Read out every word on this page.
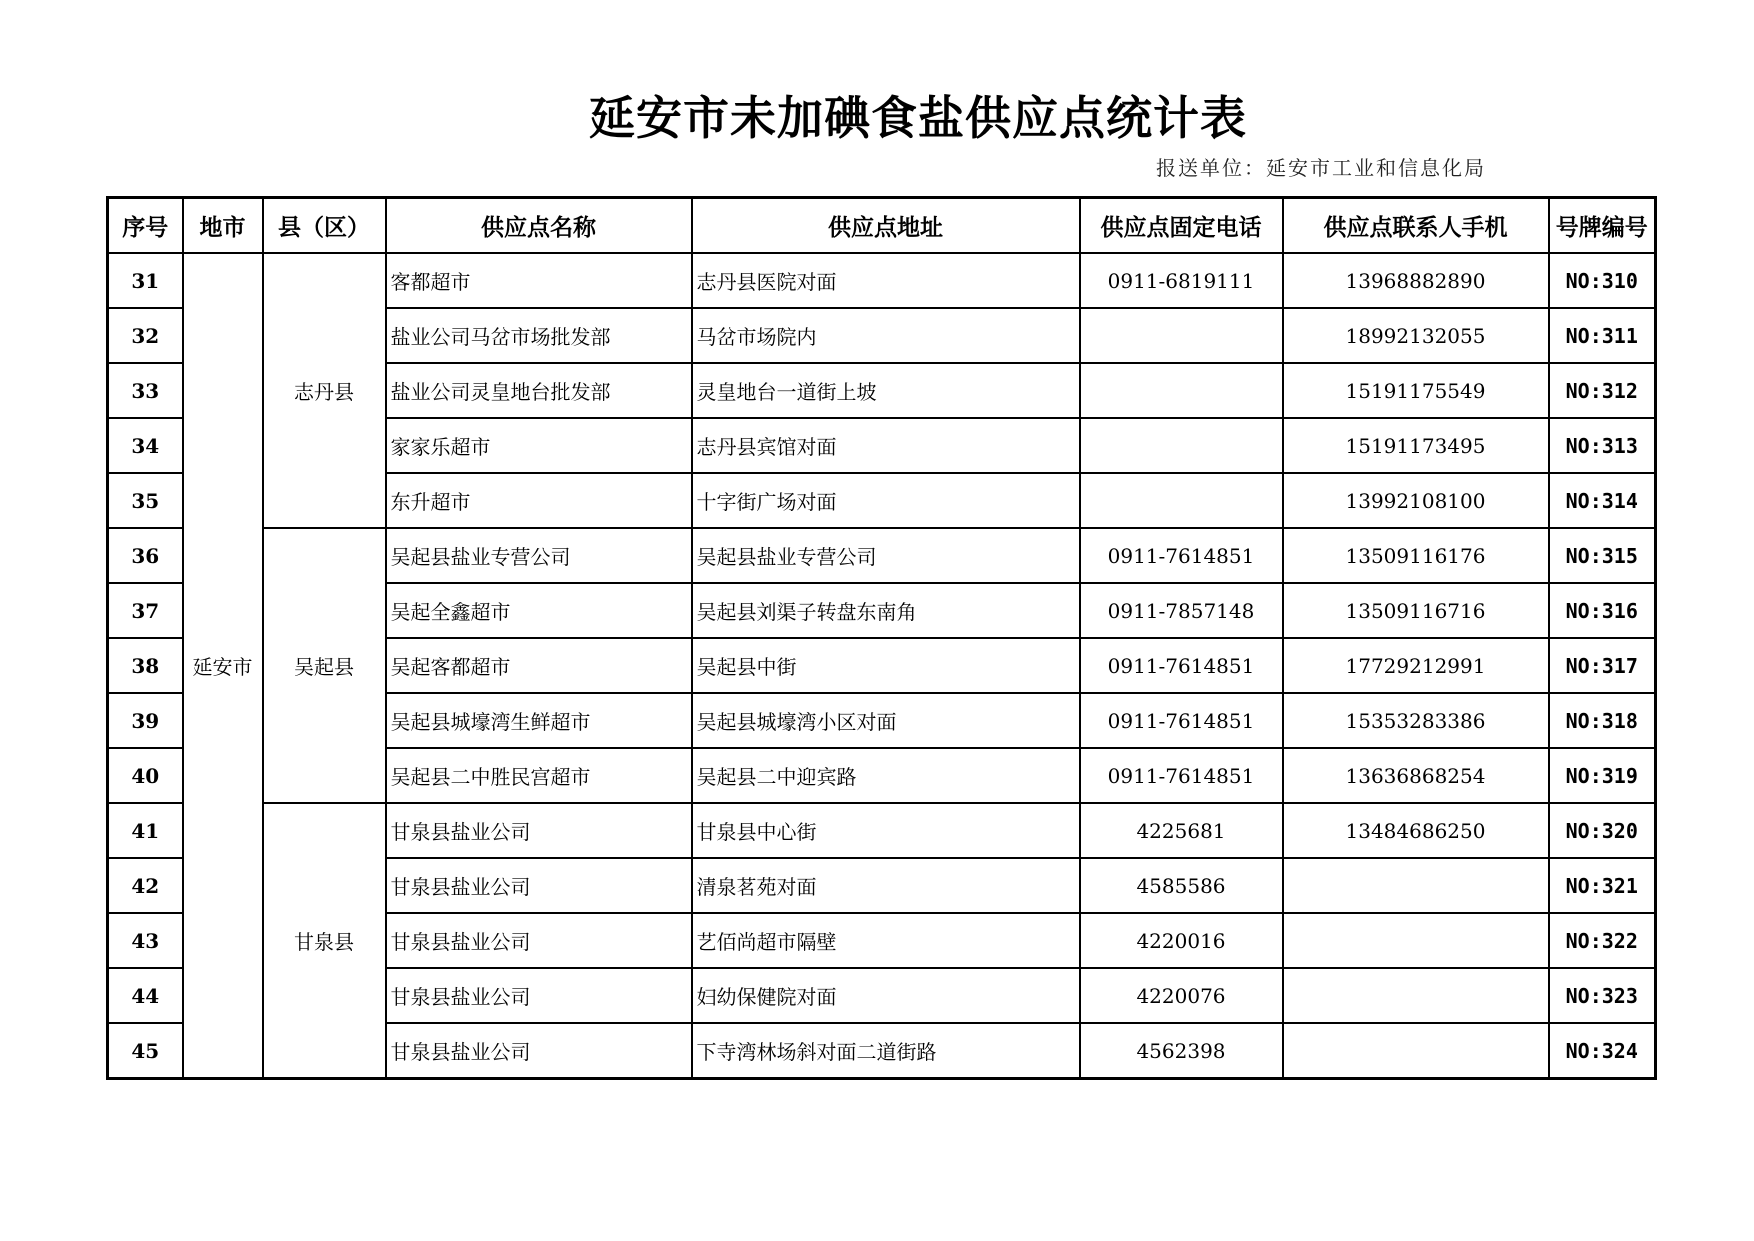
延安市未加碘食盐供应点统计表
报送单位：延安市工业和信息化局
序号	地市	县（区）	供应点名称	供应点地址	供应点固定电话	供应点联系人手机	号牌编号
31	延安市	志丹县	客都超市	志丹县医院对面	0911-6819111	13968882890	NO:310
32			盐业公司马岔市场批发部	马岔市场院内		18992132055	NO:311
33			盐业公司灵皇地台批发部	灵皇地台一道街上坡		15191175549	NO:312
34			家家乐超市	志丹县宾馆对面		15191173495	NO:313
35			东升超市	十字街广场对面		13992108100	NO:314
36		吴起县	吴起县盐业专营公司	吴起县盐业专营公司	0911-7614851	13509116176	NO:315
37			吴起全鑫超市	吴起县刘渠子转盘东南角	0911-7857148	13509116716	NO:316
38			吴起客都超市	吴起县中街	0911-7614851	17729212991	NO:317
39			吴起县城壕湾生鲜超市	吴起县城壕湾小区对面	0911-7614851	15353283386	NO:318
40			吴起县二中胜民宫超市	吴起县二中迎宾路	0911-7614851	13636868254	NO:319
41		甘泉县	甘泉县盐业公司	甘泉县中心街	4225681	13484686250	NO:320
42			甘泉县盐业公司	清泉茗苑对面	4585586		NO:321
43			甘泉县盐业公司	艺佰尚超市隔壁	4220016		NO:322
44			甘泉县盐业公司	妇幼保健院对面	4220076		NO:323
45			甘泉县盐业公司	下寺湾林场斜对面二道街路	4562398		NO:324
